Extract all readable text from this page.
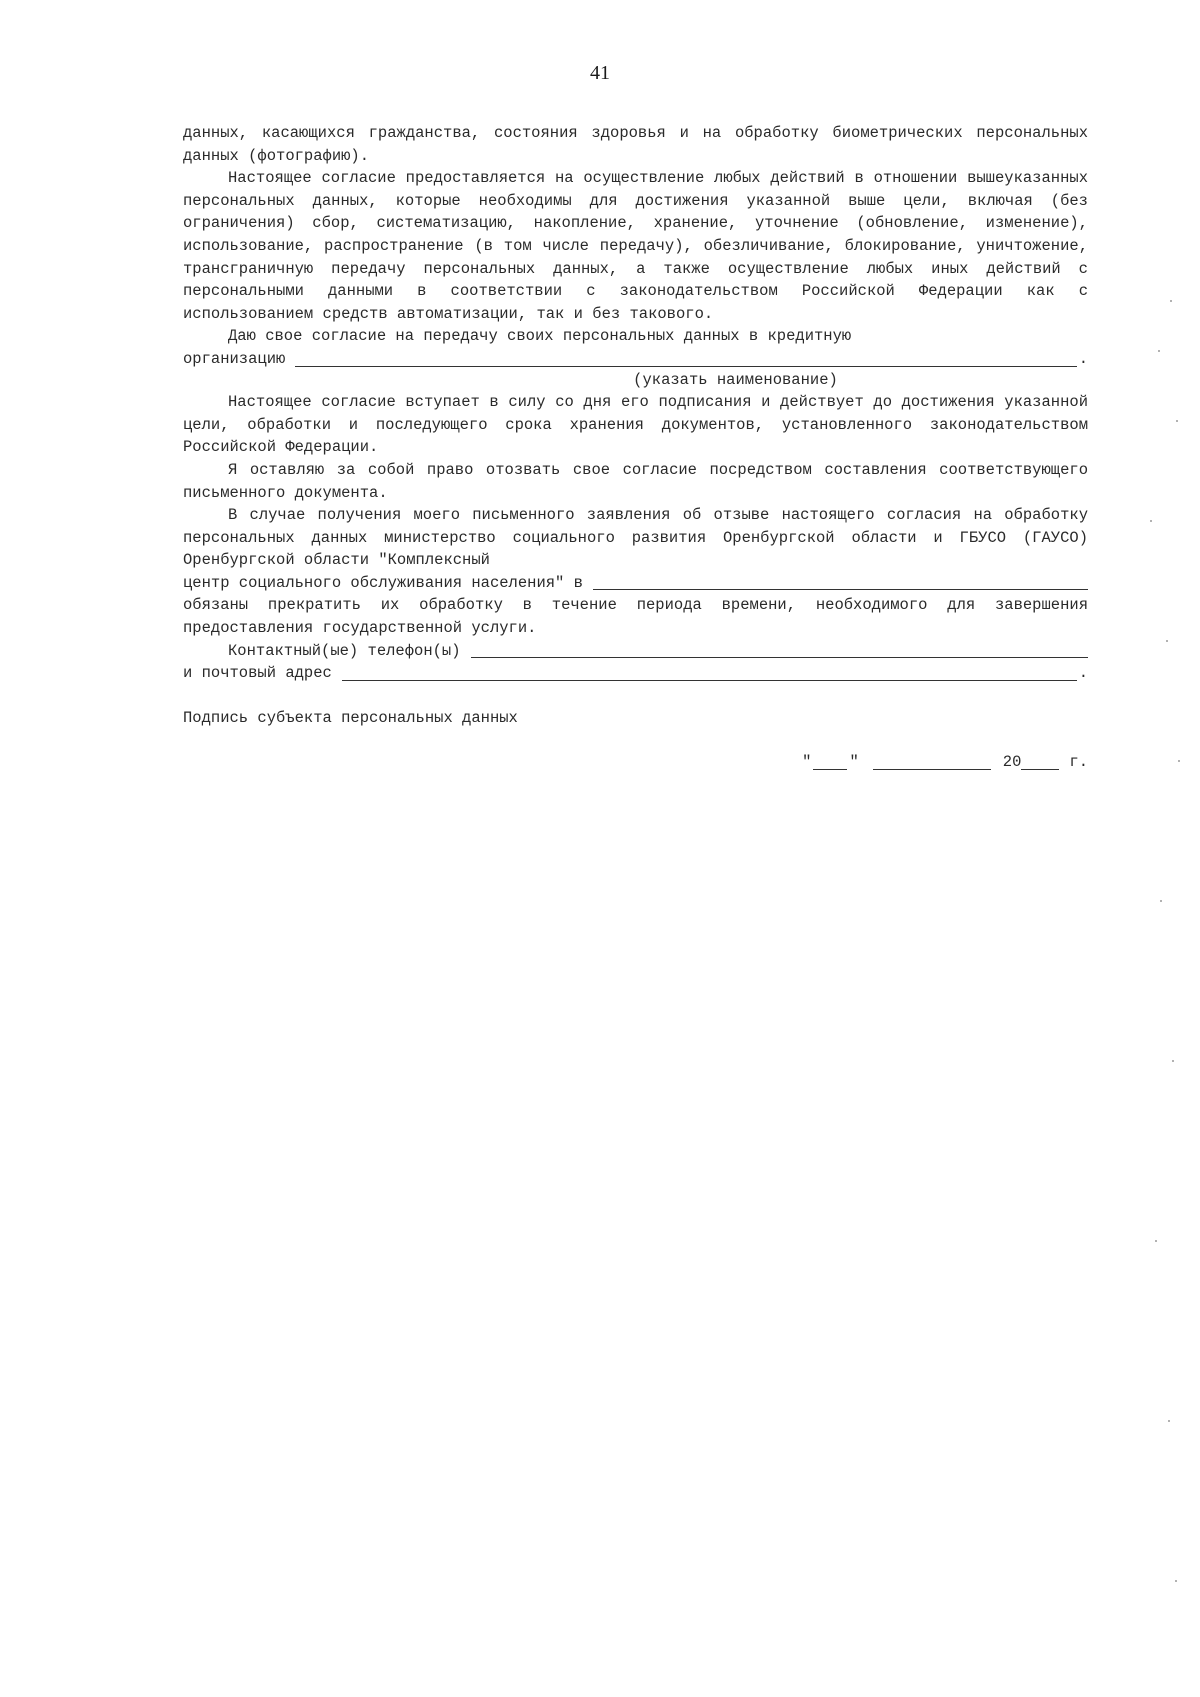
41

данных, касающихся гражданства, состояния здоровья и на обработку биометрических персональных данных (фотографию).

Настоящее согласие предоставляется на осуществление любых действий в отношении вышеуказанных персональных данных, которые необходимы для достижения указанной выше цели, включая (без ограничения) сбор, систематизацию, накопление, хранение, уточнение (обновление, изменение), использование, распространение (в том числе передачу), обезличивание, блокирование, уничтожение, трансграничную передачу персональных данных, а также осуществление любых иных действий с персональными данными в соответствии с законодательством Российской Федерации как с использованием средств автоматизации, так и без такового.

Даю свое согласие на передачу своих персональных данных в кредитную

организацию	.
(указать наименование)

Настоящее согласие вступает в силу со дня его подписания и действует до достижения указанной цели, обработки и последующего срока хранения документов, установленного законодательством Российской Федерации.

Я оставляю за собой право отозвать свое согласие посредством составления соответствующего письменного документа.

В случае получения моего письменного заявления об отзыве настоящего согласия на обработку персональных данных министерство социального развития Оренбургской области и ГБУСО (ГАУСО) Оренбургской области "Комплексный

центр социального обслуживания населения" в

обязаны прекратить их обработку в течение периода времени, необходимого для завершения предоставления государственной услуги.

Контактный(ые) телефон(ы)
и почтовый адрес	.
Подпись субъекта персональных данных
" "	20	г.
